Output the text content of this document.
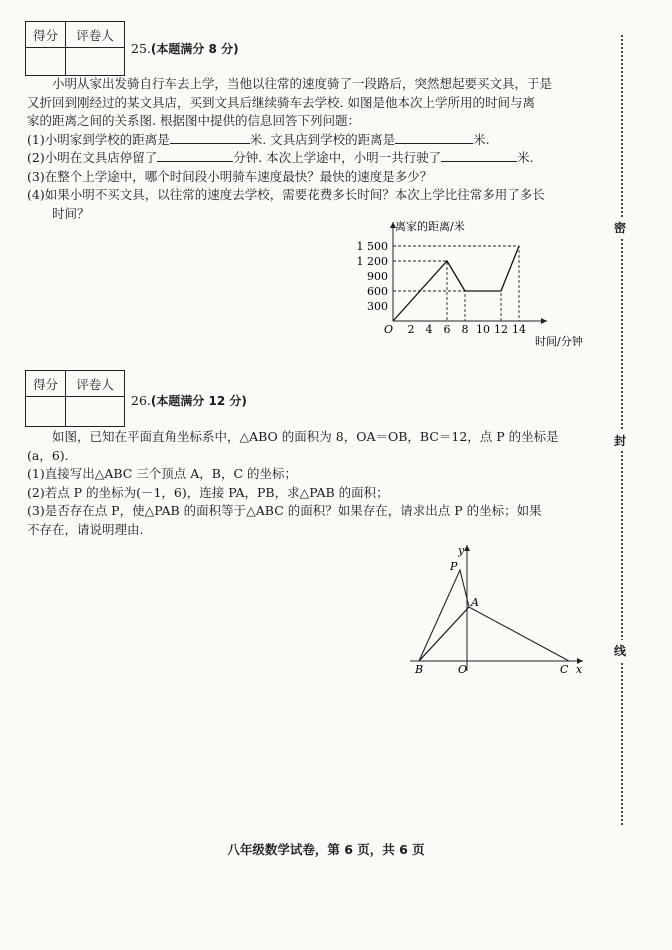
得分	评卷人

25.(本题满分 8 分)
小明从家出发骑自行车去上学，当他以往常的速度骑了一段路后，突然想起要买文具，于是
又折回到刚经过的某文具店，买到文具后继续骑车去学校. 如图是他本次上学所用的时间与离
家的距离之间的关系图. 根据图中提供的信息回答下列问题：
(1)小明家到学校的距离是	米. 文具店到学校的距离是	米.
(2)小明在文具店停留了	分钟. 本次上学途中，小明一共行驶了	米.
(3)在整个上学途中，哪个时间段小明骑车速度最快？最快的速度是多少？
(4)如果小明不买文具，以往常的速度去学校，需要花费多长时间？本次上学比往常多用了多长
时间？
离家的距离/米
时间/分钟
O 2 4 6 8 10 12 14
300
600
900
1 200
1 500
得分	评卷人

26.(本题满分 12 分)
如图，已知在平面直角坐标系中，△ABO 的面积为 8，OA＝OB，BC＝12，点 P 的坐标是
(a，6).
(1)直接写出△ABC 三个顶点 A，B，C 的坐标；
(2)若点 P 的坐标为(－1，6)，连接 PA，PB，求△PAB 的面积；
(3)是否存在点 P，使△PAB 的面积等于△ABC 的面积？如果存在，请求出点 P 的坐标；如果
不存在，请说明理由.
y
x
P
A
B	O	C
八年级数学试卷，第 6 页，共 6 页
密
封
线
